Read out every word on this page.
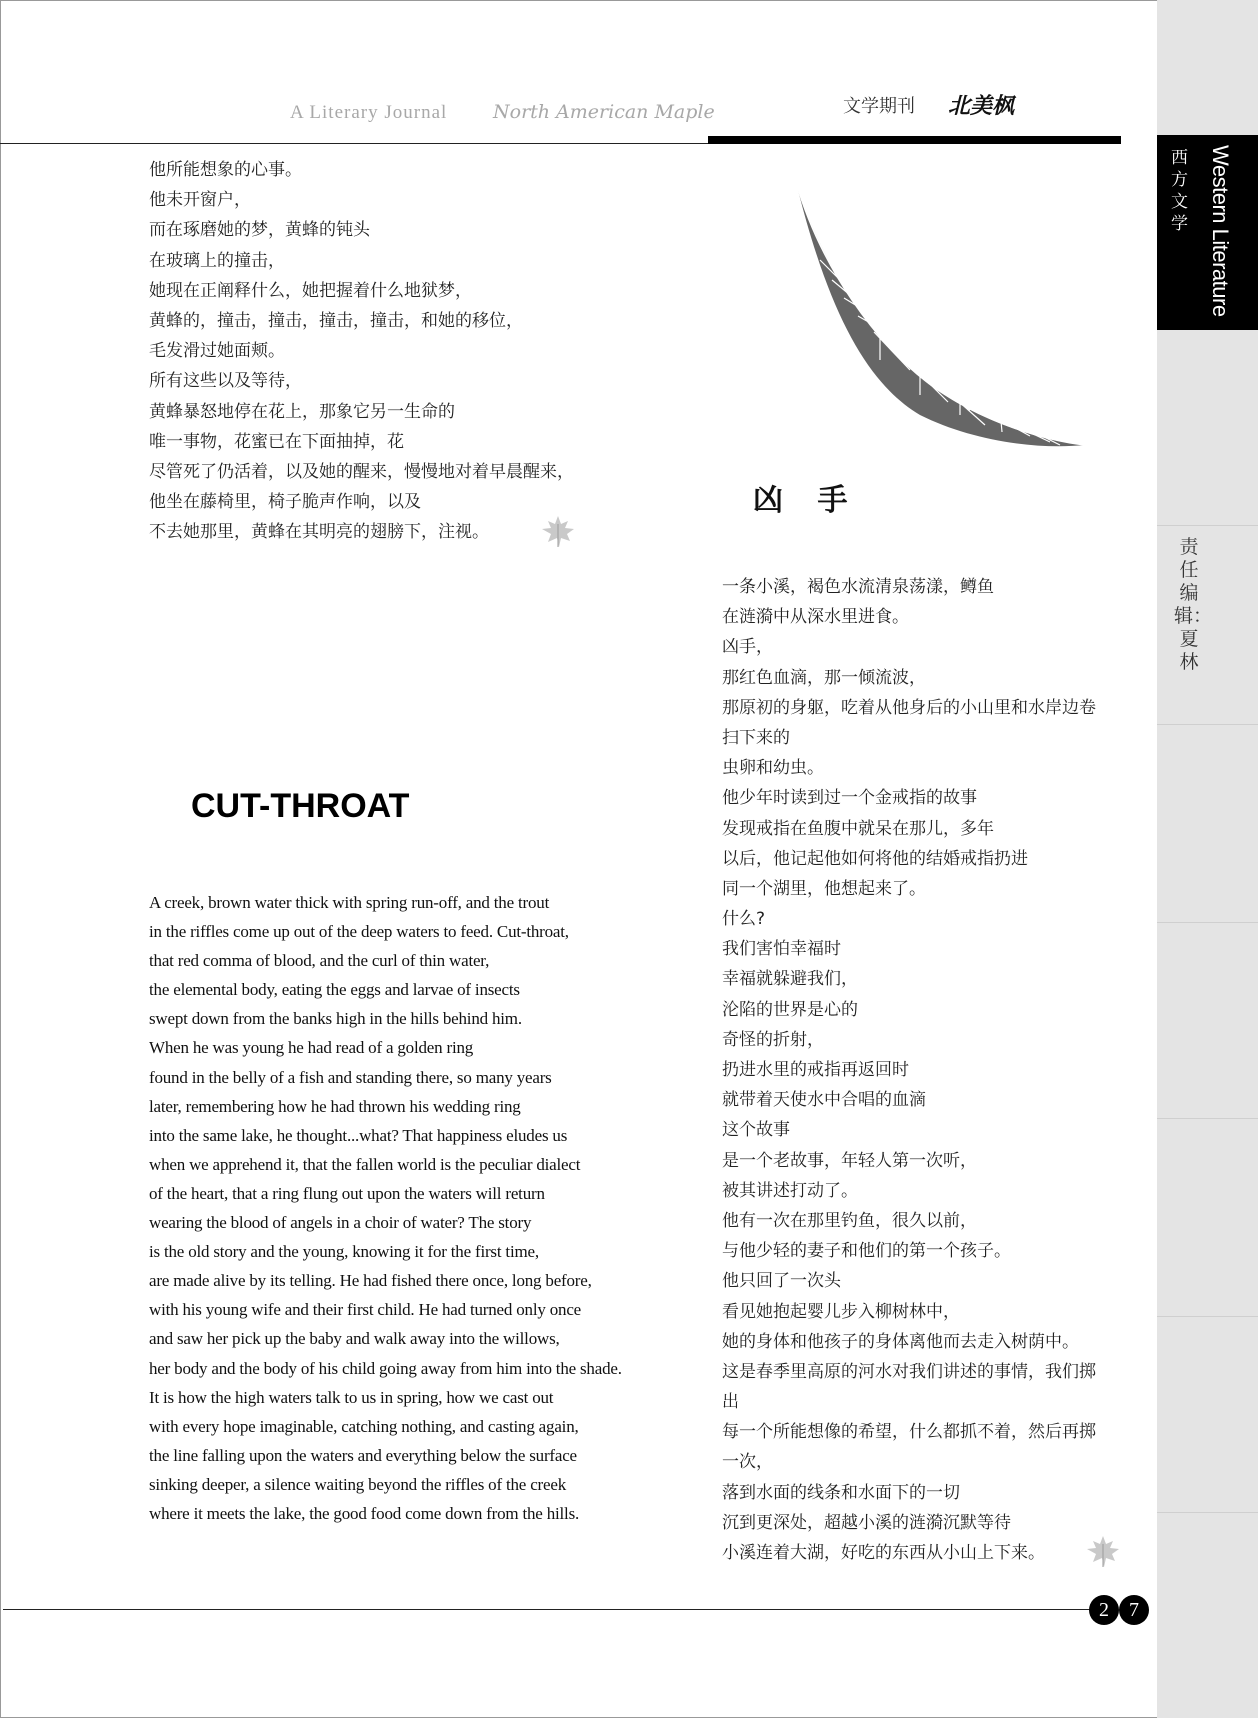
西方文学 Western Literature
责任编辑：夏林
A Literary Journal North American Maple	文学期刊 北美枫
他所能想象的心事。
他未开窗户，
而在琢磨她的梦，黄蜂的钝头
在玻璃上的撞击，
她现在正阐释什么，她把握着什么地狱梦，
黄蜂的，撞击，撞击，撞击，撞击，和她的移位，
毛发滑过她面颊。
所有这些以及等待，
黄蜂暴怒地停在花上，那象它另一生命的
唯一事物，花蜜已在下面抽掉，花
尽管死了仍活着，以及她的醒来，慢慢地对着早晨醒来，
他坐在藤椅里，椅子脆声作响，以及
不去她那里，黄蜂在其明亮的翅膀下，注视。
凶 手
一条小溪，褐色水流清泉荡漾，鳟鱼
在涟漪中从深水里进食。
凶手，
那红色血滴，那一倾流波，
那原初的身躯，吃着从他身后的小山里和水岸边卷
扫下来的
虫卵和幼虫。
他少年时读到过一个金戒指的故事
发现戒指在鱼腹中就呆在那儿，多年
以后，他记起他如何将他的结婚戒指扔进
同一个湖里，他想起来了。
什么?
我们害怕幸福时
幸福就躲避我们，
沦陷的世界是心的
奇怪的折射，
扔进水里的戒指再返回时
就带着天使水中合唱的血滴
这个故事
是一个老故事，年轻人第一次听，
被其讲述打动了。
他有一次在那里钓鱼，很久以前，
与他少轻的妻子和他们的第一个孩子。
他只回了一次头
看见她抱起婴儿步入柳树林中，
她的身体和他孩子的身体离他而去走入树荫中。
这是春季里高原的河水对我们讲述的事情，我们掷
出
每一个所能想像的希望，什么都抓不着，然后再掷
一次，
落到水面的线条和水面下的一切
沉到更深处，超越小溪的涟漪沉默等待
小溪连着大湖，好吃的东西从小山上下来。
CUT-THROAT
A creek, brown water thick with spring run-off, and the trout
in the riffles come up out of the deep waters to feed. Cut-throat,
that red comma of blood, and the curl of thin water,
the elemental body, eating the eggs and larvae of insects
swept down from the banks high in the hills behind him.
When he was young he had read of a golden ring
found in the belly of a fish and standing there, so many years
later, remembering how he had thrown his wedding ring
into the same lake, he thought...what? That happiness eludes us
when we apprehend it, that the fallen world is the peculiar dialect
of the heart, that a ring flung out upon the waters will return
wearing the blood of angels in a choir of water? The story
is the old story and the young, knowing it for the first time,
are made alive by its telling. He had fished there once, long before,
with his young wife and their first child. He had turned only once
and saw her pick up the baby and walk away into the willows,
her body and the body of his child going away from him into the shade.
It is how the high waters talk to us in spring, how we cast out
with every hope imaginable, catching nothing, and casting again,
the line falling upon the waters and everything below the surface
sinking deeper, a silence waiting beyond the riffles of the creek
where it meets the lake, the good food come down from the hills.
2	7
